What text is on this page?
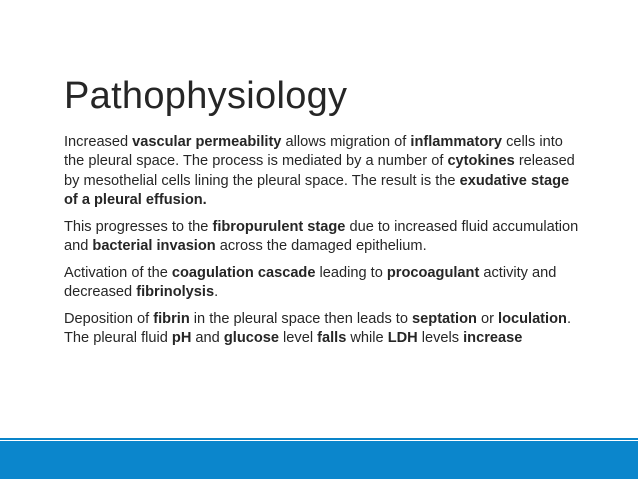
Pathophysiology

Increased vascular permeability allows migration of inflammatory cells into the pleural space. The process is mediated by a number of cytokines released by mesothelial cells lining the pleural space. The result is the exudative stage of a pleural effusion.

This progresses to the fibropurulent stage due to increased fluid accumulation and bacterial invasion across the damaged epithelium.

Activation of the coagulation cascade leading to procoagulant activity and decreased fibrinolysis.

Deposition of fibrin in the pleural space then leads to septation or loculation. The pleural fluid pH and glucose level falls while LDH levels increase
